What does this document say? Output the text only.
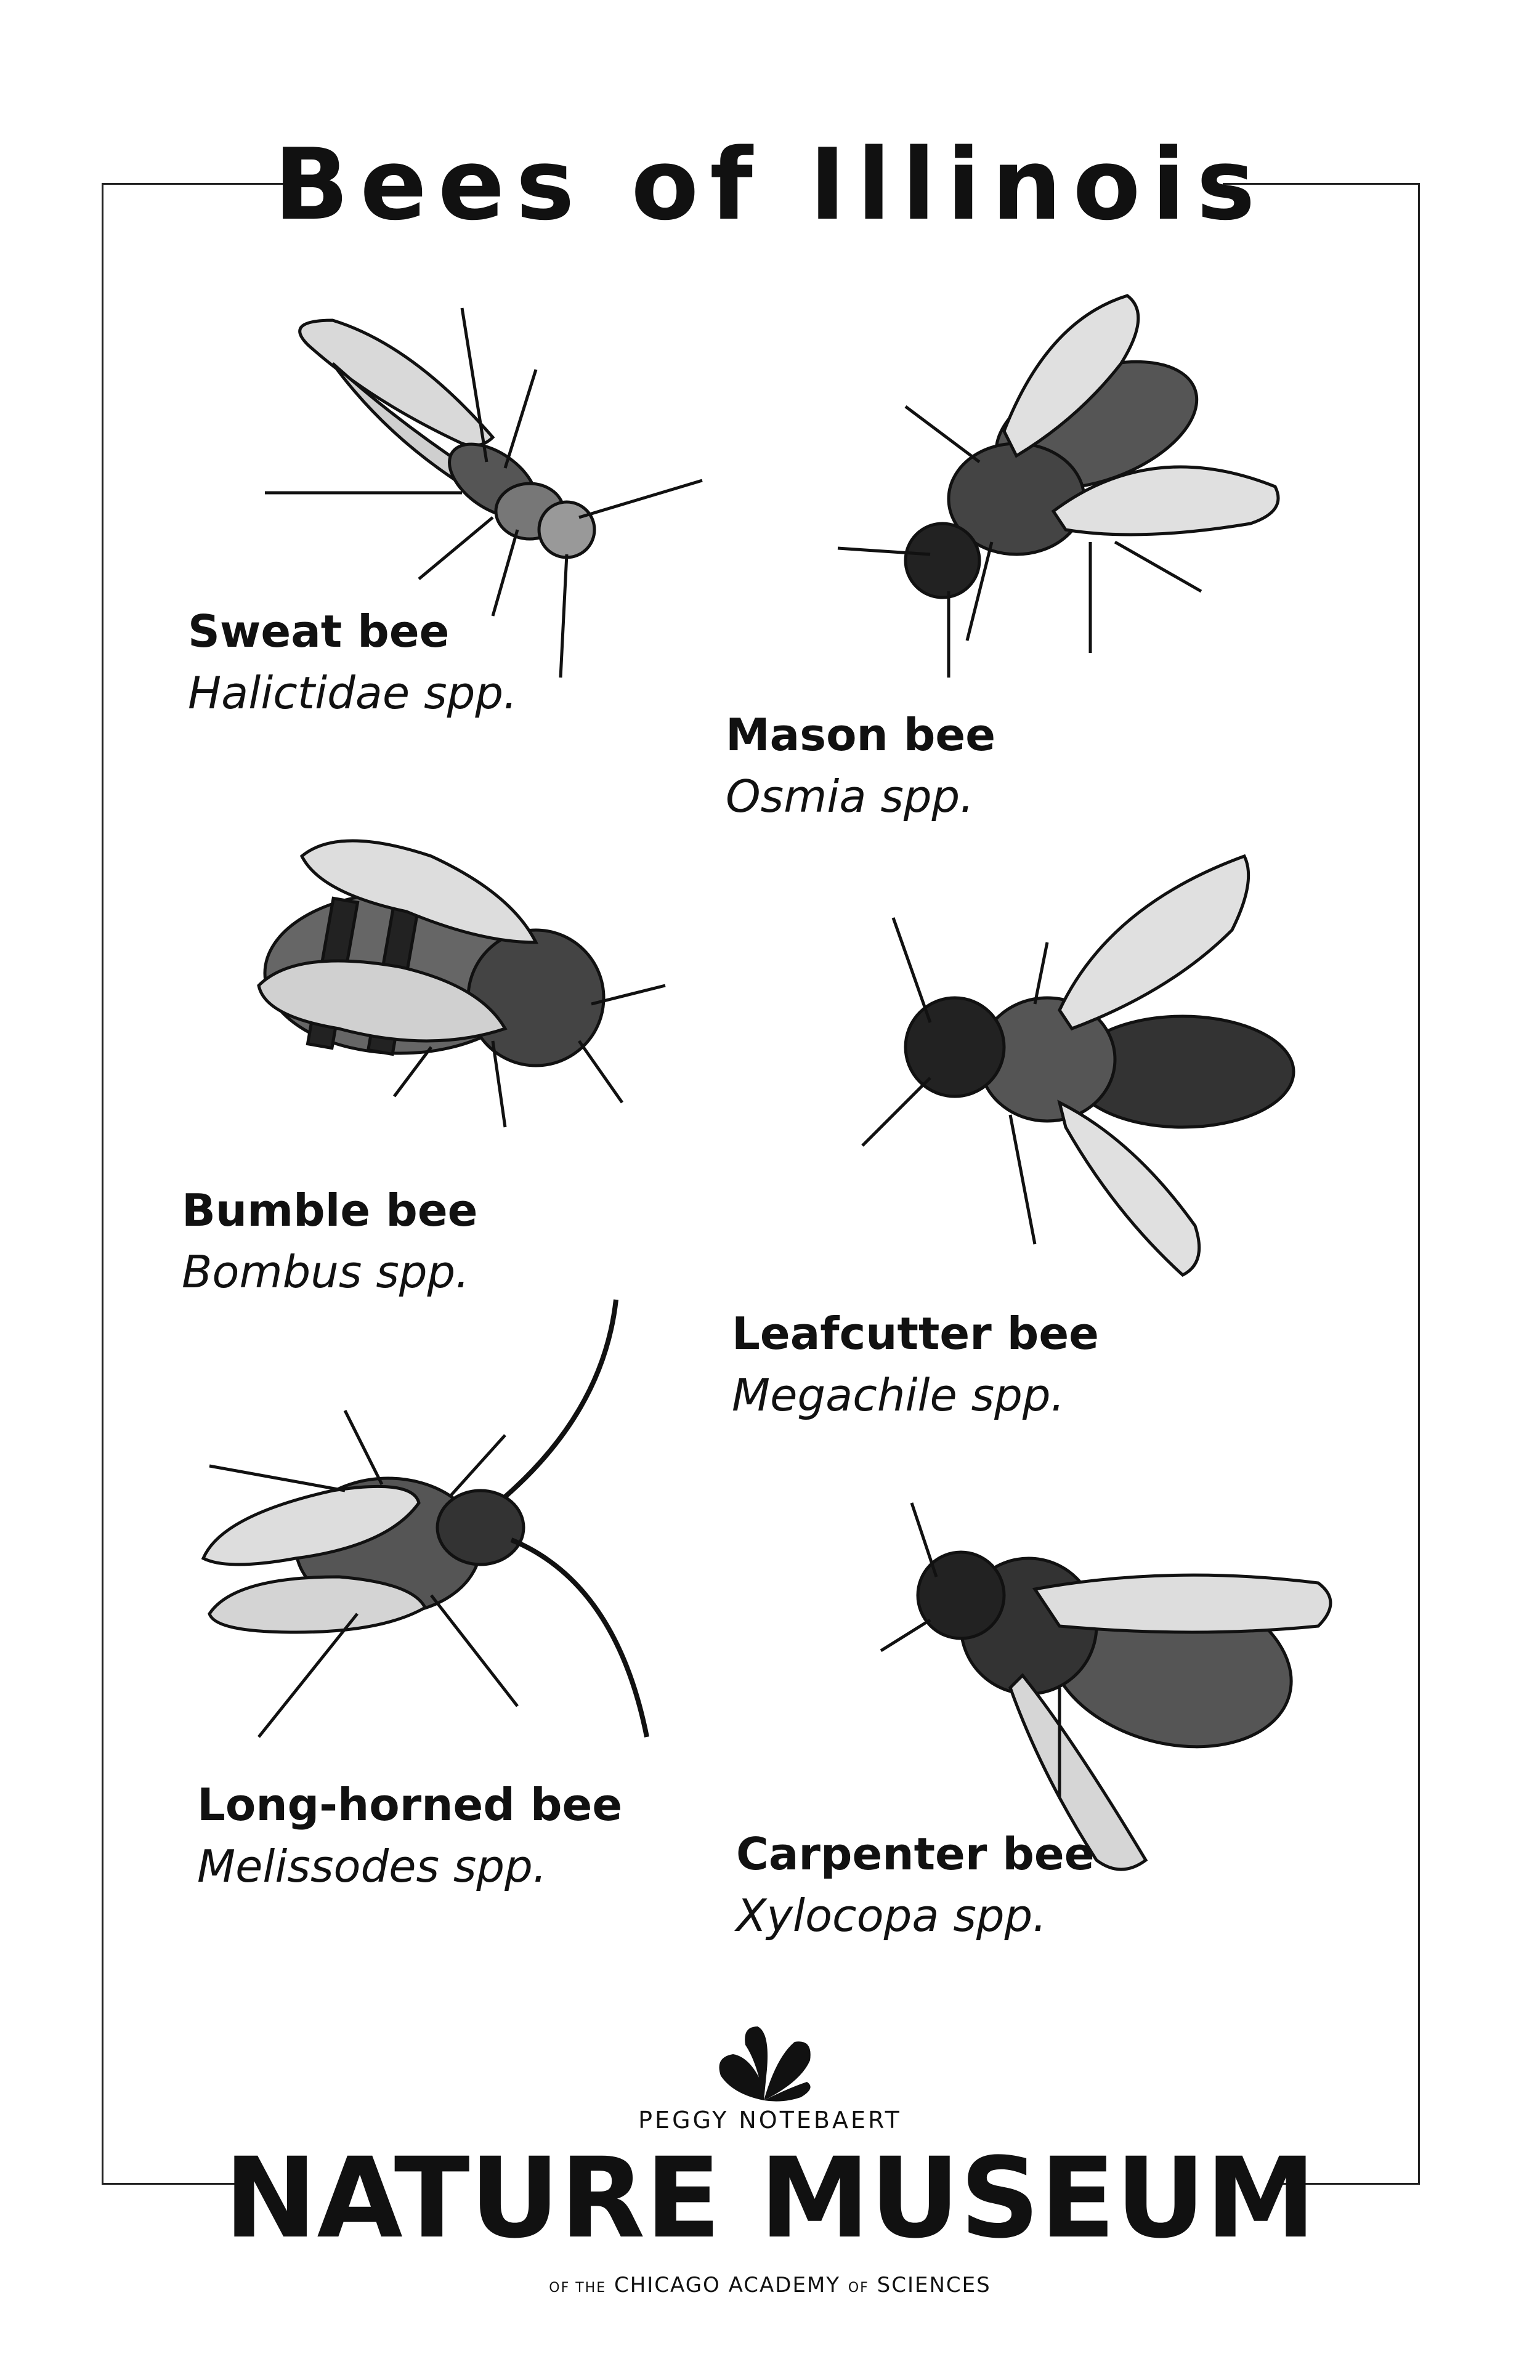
Bees of Illinois
Sweat bee
Halictidae spp.
Mason bee
Osmia spp.
Bumble bee
Bombus spp.
Leafcutter bee
Megachile spp.
Long-horned bee
Melissodes spp.	Carpenter bee
Xylocopa spp.
PEGGY NOTEBAERT
NATURE MUSEUM
OF THE CHICAGO ACADEMY OF SCIENCES
